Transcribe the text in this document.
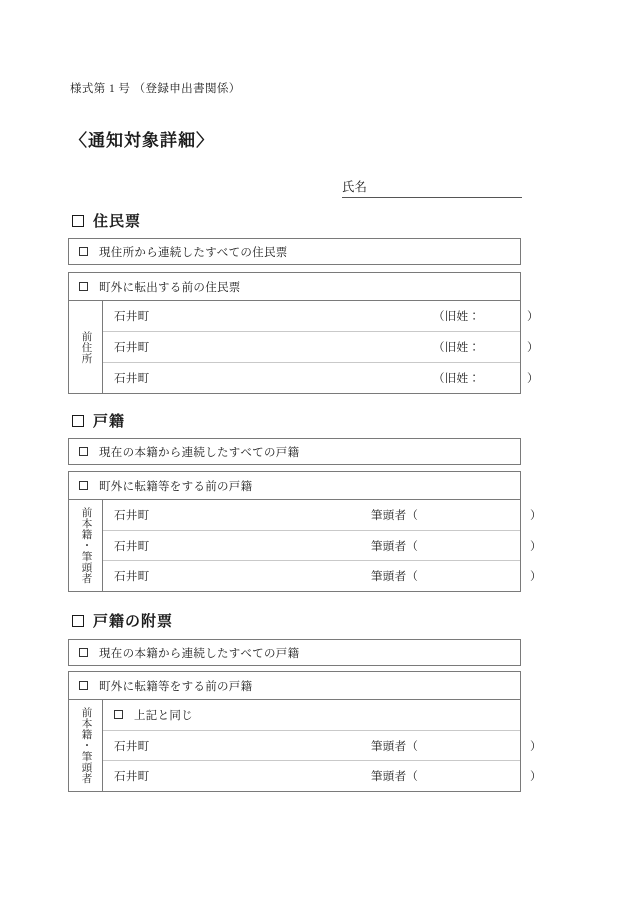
様式第 1 号 （登録申出書関係）
〈通知対象詳細〉
氏名
住民票
現住所から連続したすべての住民票
町外に転出する前の住民票
前住所
石井町	（旧姓：	）
石井町	（旧姓：	）
石井町	（旧姓：	）
戸籍
現在の本籍から連続したすべての戸籍
町外に転籍等をする前の戸籍
前本籍・筆頭者 石井町	筆頭者（	）
石井町	筆頭者（	）
石井町	筆頭者（	）
戸籍の附票
現在の本籍から連続したすべての戸籍
町外に転籍等をする前の戸籍
前本籍・筆頭者	上記と同じ
石井町	筆頭者（	）
石井町	筆頭者（	）
